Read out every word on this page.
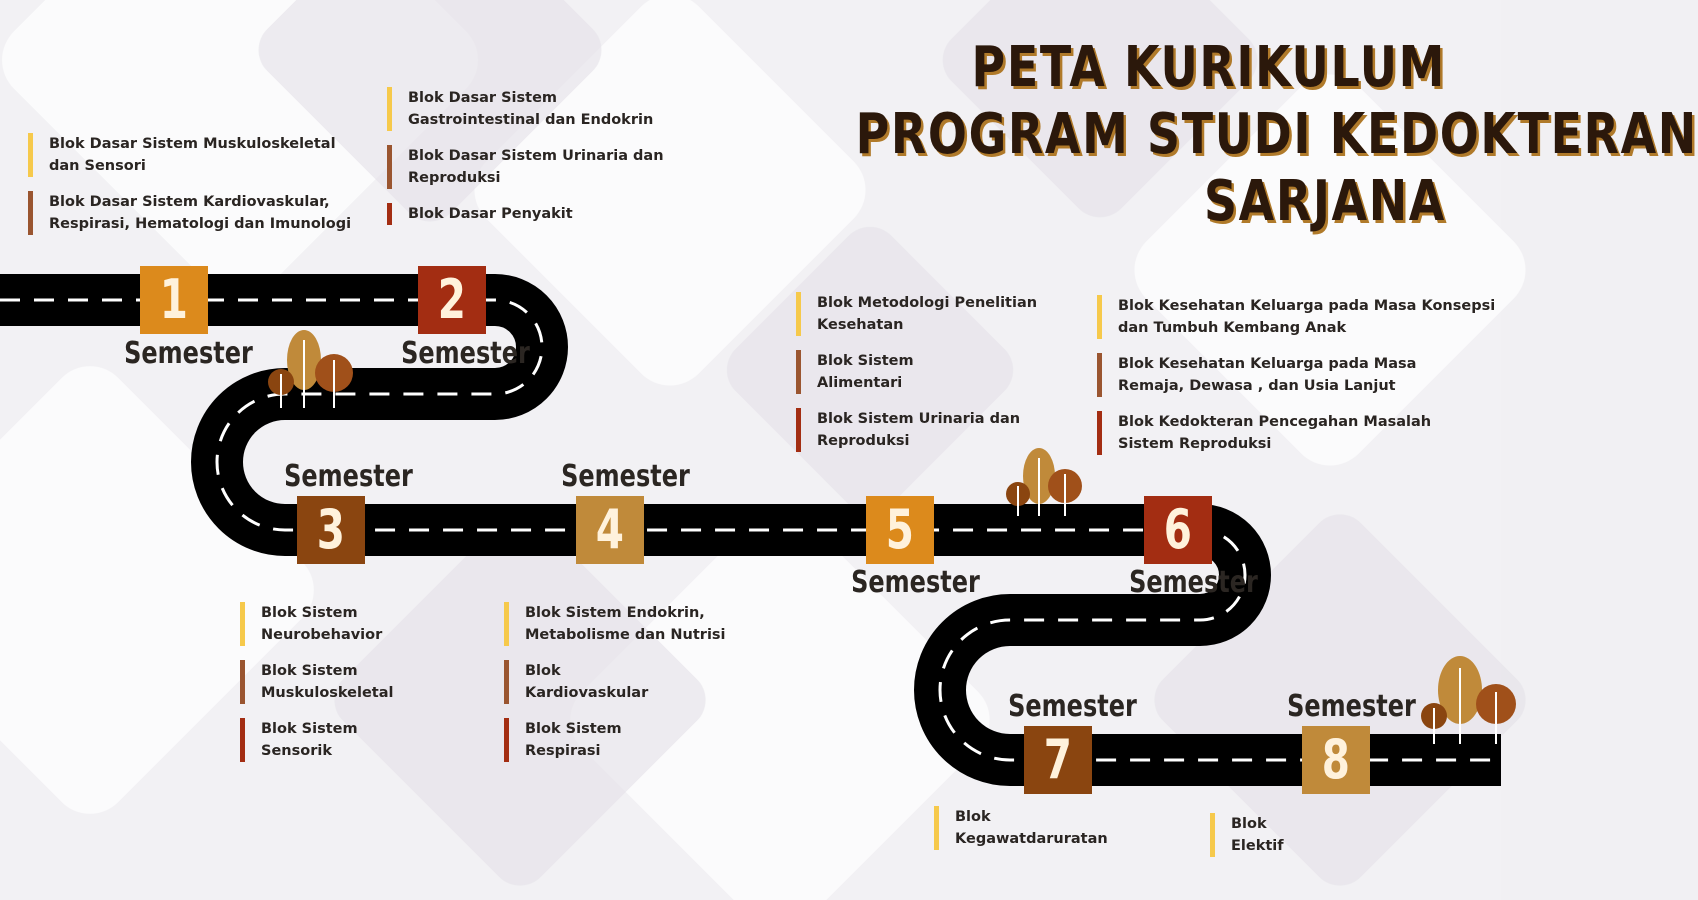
PETA KURIKULUM
PROGRAM STUDI KEDOKTERAN
SARJANA
1	2
3	4	5	6
7	8
Semester	Semester
Semester	Semester
Semester	Semester
Semester	Semester
Blok Dasar Sistem Muskuloskeletal
dan Sensori
Blok Dasar Sistem Kardiovaskular,
Respirasi, Hematologi dan Imunologi
Blok Dasar Sistem
Gastrointestinal dan Endokrin
Blok Dasar Sistem Urinaria dan
Reproduksi
Blok Dasar Penyakit
Blok Sistem
Neurobehavior
Blok Sistem
Muskuloskeletal
Blok Sistem
Sensorik
Blok Sistem Endokrin,
Metabolisme dan Nutrisi
Blok
Kardiovaskular
Blok Sistem
Respirasi
Blok Metodologi Penelitian
Kesehatan
Blok Sistem
Alimentari
Blok Sistem Urinaria dan
Reproduksi
Blok Kesehatan Keluarga pada Masa Konsepsi
dan Tumbuh Kembang Anak
Blok Kesehatan Keluarga pada Masa
Remaja, Dewasa , dan Usia Lanjut
Blok Kedokteran Pencegahan Masalah
Sistem Reproduksi
Blok
Kegawatdaruratan
Blok
Elektif
